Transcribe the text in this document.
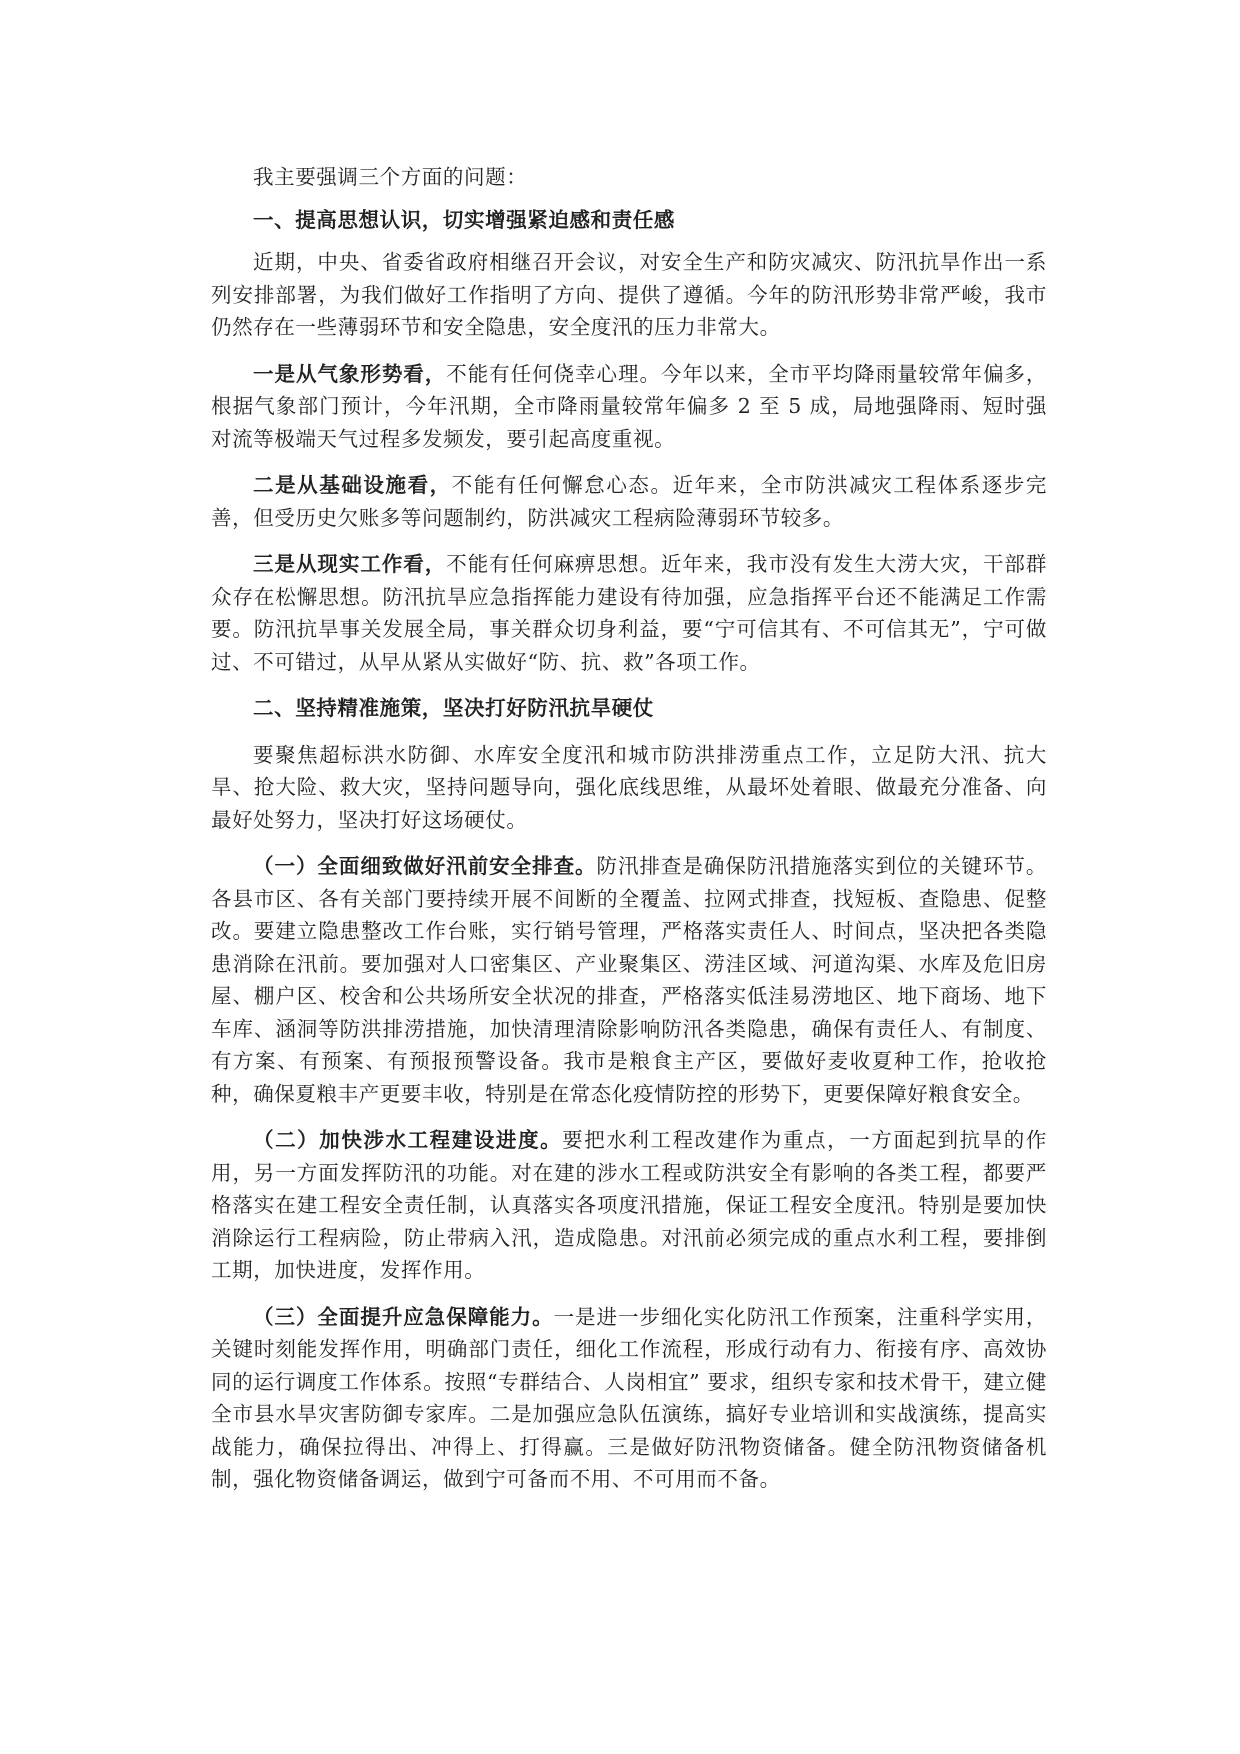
我主要强调三个方面的问题：

一、提高思想认识，切实增强紧迫感和责任感

近期，中央、省委省政府相继召开会议，对安全生产和防灾减灾、防汛抗旱作出一系列安排部署，为我们做好工作指明了方向、提供了遵循。今年的防汛形势非常严峻，我市仍然存在一些薄弱环节和安全隐患，安全度汛的压力非常大。

一是从气象形势看，不能有任何侥幸心理。今年以来，全市平均降雨量较常年偏多，根据气象部门预计，今年汛期，全市降雨量较常年偏多 2 至 5 成，局地强降雨、短时强对流等极端天气过程多发频发，要引起高度重视。

二是从基础设施看，不能有任何懈怠心态。近年来，全市防洪减灾工程体系逐步完善，但受历史欠账多等问题制约，防洪减灾工程病险薄弱环节较多。

三是从现实工作看，不能有任何麻痹思想。近年来，我市没有发生大涝大灾，干部群众存在松懈思想。防汛抗旱应急指挥能力建设有待加强，应急指挥平台还不能满足工作需要。防汛抗旱事关发展全局，事关群众切身利益，要“宁可信其有、不可信其无”，宁可做过、不可错过，从早从紧从实做好“防、抗、救”各项工作。

二、坚持精准施策，坚决打好防汛抗旱硬仗

要聚焦超标洪水防御、水库安全度汛和城市防洪排涝重点工作，立足防大汛、抗大旱、抢大险、救大灾，坚持问题导向，强化底线思维，从最坏处着眼、做最充分准备、向最好处努力，坚决打好这场硬仗。

（一）全面细致做好汛前安全排查。防汛排查是确保防汛措施落实到位的关键环节。各县市区、各有关部门要持续开展不间断的全覆盖、拉网式排查，找短板、查隐患、促整改。要建立隐患整改工作台账，实行销号管理，严格落实责任人、时间点，坚决把各类隐患消除在汛前。要加强对人口密集区、产业聚集区、涝洼区域、河道沟渠、水库及危旧房屋、棚户区、校舍和公共场所安全状况的排查，严格落实低洼易涝地区、地下商场、地下车库、涵洞等防洪排涝措施，加快清理清除影响防汛各类隐患，确保有责任人、有制度、有方案、有预案、有预报预警设备。我市是粮食主产区，要做好麦收夏种工作，抢收抢种，确保夏粮丰产更要丰收，特别是在常态化疫情防控的形势下，更要保障好粮食安全。

（二）加快涉水工程建设进度。要把水利工程改建作为重点，一方面起到抗旱的作用，另一方面发挥防汛的功能。对在建的涉水工程或防洪安全有影响的各类工程，都要严格落实在建工程安全责任制，认真落实各项度汛措施，保证工程安全度汛。特别是要加快消除运行工程病险，防止带病入汛，造成隐患。对汛前必须完成的重点水利工程，要排倒工期，加快进度，发挥作用。

（三）全面提升应急保障能力。一是进一步细化实化防汛工作预案，注重科学实用，关键时刻能发挥作用，明确部门责任，细化工作流程，形成行动有力、衔接有序、高效协同的运行调度工作体系。按照“专群结合、人岗相宜” 要求，组织专家和技术骨干，建立健全市县水旱灾害防御专家库。二是加强应急队伍演练，搞好专业培训和实战演练，提高实战能力，确保拉得出、冲得上、打得赢。三是做好防汛物资储备。健全防汛物资储备机制，强化物资储备调运，做到宁可备而不用、不可用而不备。
